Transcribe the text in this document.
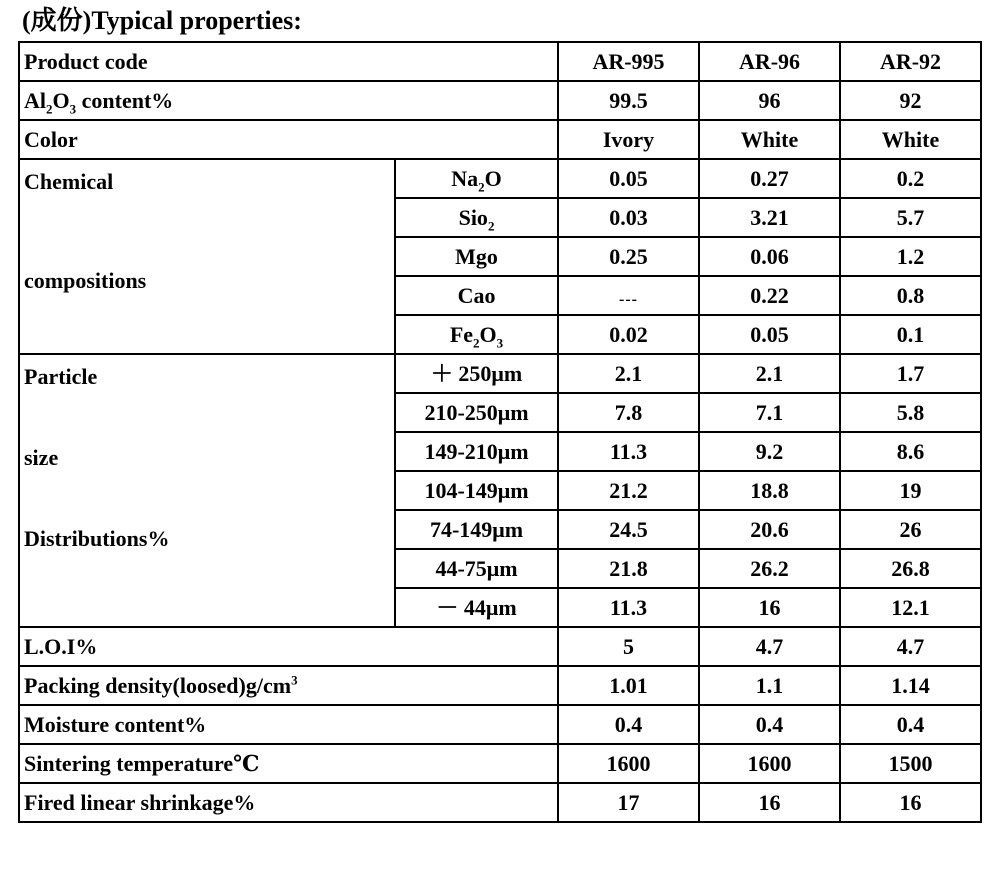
(成份)Typical properties:
Product code		AR-995	AR-96	AR-92
$Al_2O_3$ content%		99.5	96	92
Color		Ivory	White	White

Chemical
compositions	$Na_2O$	0.05	0.27	0.2
	Sio$_2$	0.03	3.21	5.7
	Mgo	0.25	0.06	1.2
	Cao	$_{---}$	0.22	0.8
	$Fe_2O_3$	0.02	0.05	0.1

Particle
size
Distributions%	＋ 250μm	2.1	2.1	1.7
	210-250μm	7.8	7.1	5.8
	149-210μm	11.3	9.2	8.6
	104-149μm	21.2	18.8	19
	74-149μm	24.5	20.6	26
	44-75μm	21.8	26.2	26.8
	－ 44μm	11.3	16	12.1
L.O.I%		5	4.7	4.7
Packing $density(loosed)g/cm^3$		1.01	1.1	1.14
Moisture content%		0.4	0.4	0.4
Sintering temperature℃		1600	1600	1500
Fired linear shrinkage%		17	16	16
